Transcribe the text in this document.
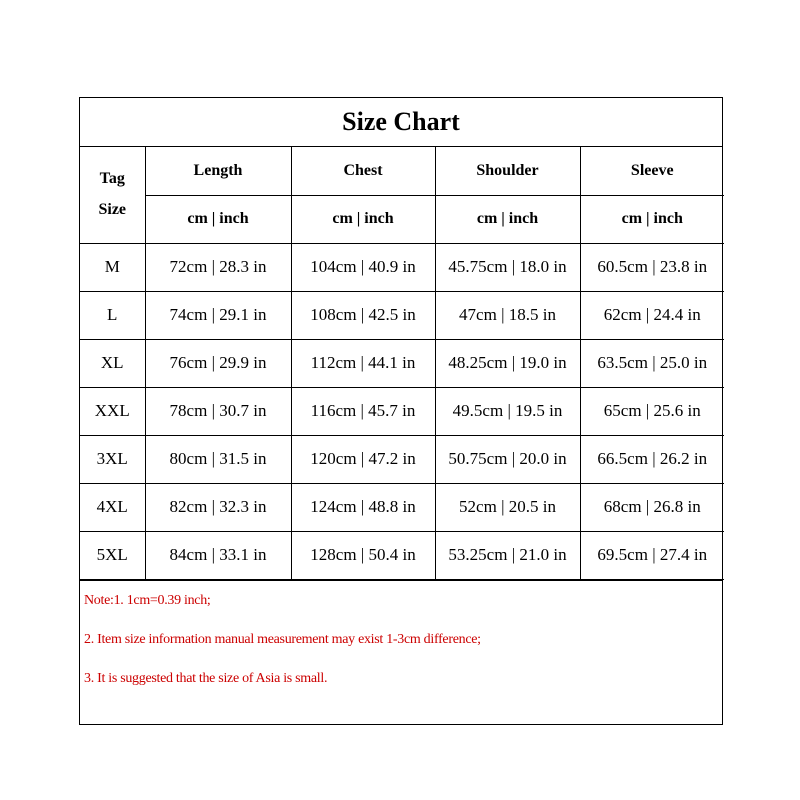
Size Chart
Tag
Size	Length	Chest	Shoulder	Sleeve
	cm | inch	cm | inch	cm | inch	cm | inch
M	72cm | 28.3 in	104cm | 40.9 in	45.75cm | 18.0 in	60.5cm | 23.8 in
L	74cm | 29.1 in	108cm | 42.5 in	47cm | 18.5 in	62cm | 24.4 in
XL	76cm | 29.9 in	112cm | 44.1 in	48.25cm | 19.0 in	63.5cm | 25.0 in
XXL	78cm | 30.7 in	116cm | 45.7 in	49.5cm | 19.5 in	65cm | 25.6 in
3XL	80cm | 31.5 in	120cm | 47.2 in	50.75cm | 20.0 in	66.5cm | 26.2 in
4XL	82cm | 32.3 in	124cm | 48.8 in	52cm | 20.5 in	68cm | 26.8 in
5XL	84cm | 33.1 in	128cm | 50.4 in	53.25cm | 21.0 in	69.5cm | 27.4 in
Note:1. 1cm=0.39 inch;
2. Item size information manual measurement may exist 1-3cm difference;
3. It is suggested that the size of Asia is small.
